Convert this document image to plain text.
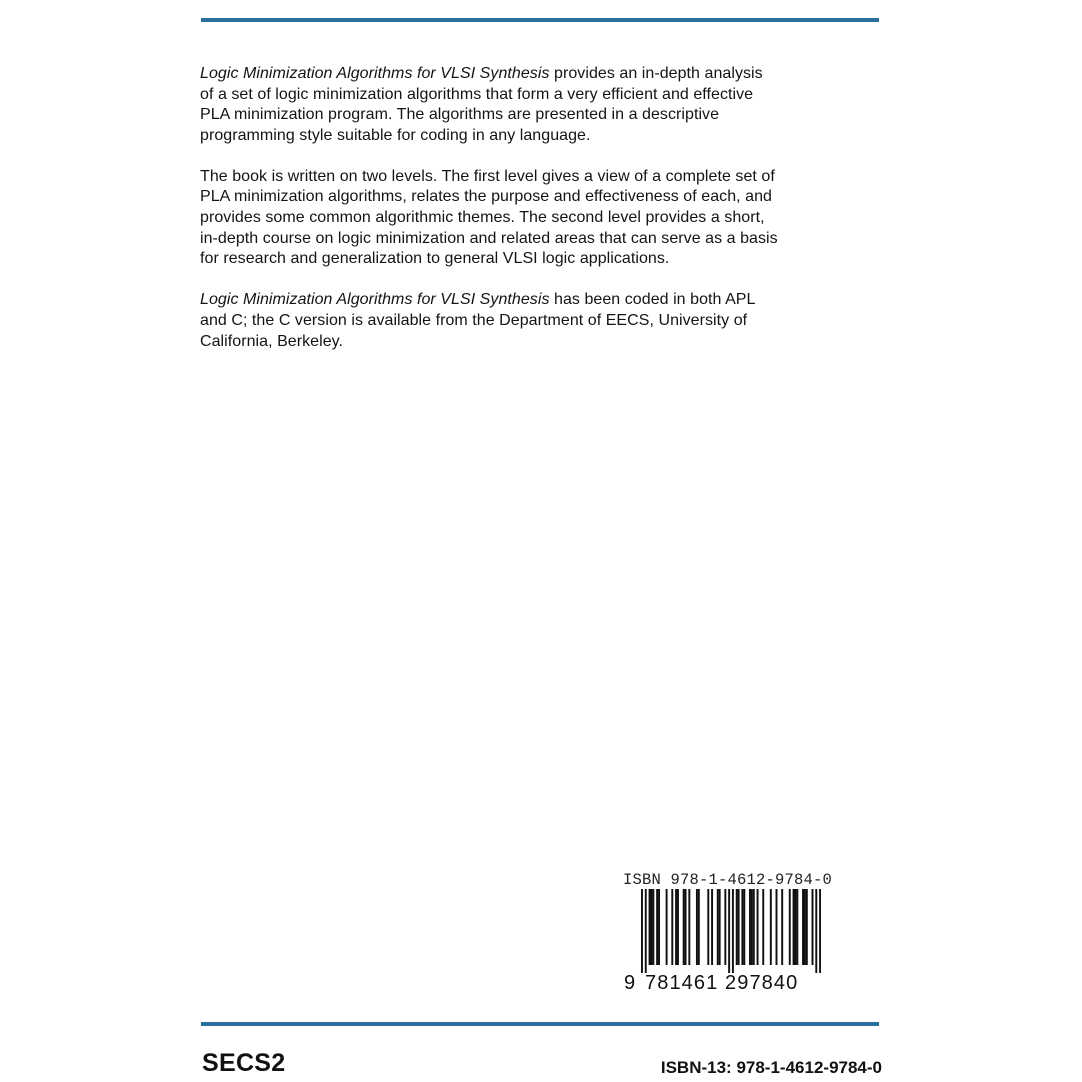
Logic Minimization Algorithms for VLSI Synthesis provides an in-depth analysis of a set of logic minimization algorithms that form a very efficient and effective PLA minimization program. The algorithms are presented in a descriptive programming style suitable for coding in any language.

The book is written on two levels. The first level gives a view of a complete set of PLA minimization algorithms, relates the purpose and effectiveness of each, and provides some common algorithmic themes. The second level provides a short, in-depth course on logic minimization and related areas that can serve as a basis for research and generalization to general VLSI logic applications.

Logic Minimization Algorithms for VLSI Synthesis has been coded in both APL and C; the C version is available from the Department of EECS, University of California, Berkeley.

ISBN 978-1-4612-9784-0
9 781461 297840
SECS2	ISBN-13: 978-1-4612-9784-0
